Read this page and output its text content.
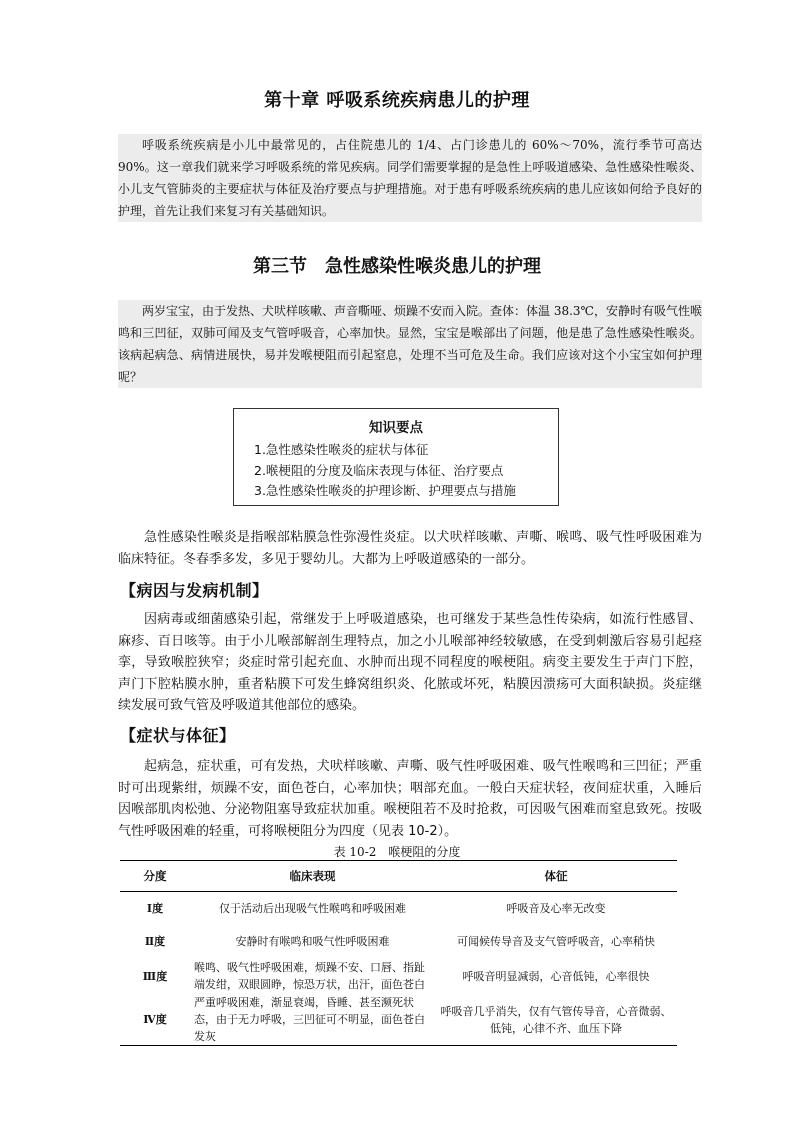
第十章 呼吸系统疾病患儿的护理

呼吸系统疾病是小儿中最常见的，占住院患儿的 1/4、占门诊患儿的 60%～70%，流行季节可高达 90%。这一章我们就来学习呼吸系统的常见疾病。同学们需要掌握的是急性上呼吸道感染、急性感染性喉炎、小儿支气管肺炎的主要症状与体征及治疗要点与护理措施。对于患有呼吸系统疾病的患儿应该如何给予良好的护理，首先让我们来复习有关基础知识。

第三节　急性感染性喉炎患儿的护理

两岁宝宝，由于发热、犬吠样咳嗽、声音嘶哑、烦躁不安而入院。查体：体温 38.3℃，安静时有吸气性喉鸣和三凹征，双肺可闻及支气管呼吸音，心率加快。显然，宝宝是喉部出了问题，他是患了急性感染性喉炎。该病起病急、病情进展快，易并发喉梗阻而引起窒息，处理不当可危及生命。我们应该对这个小宝宝如何护理呢？

知识要点
1.急性感染性喉炎的症状与体征
2.喉梗阻的分度及临床表现与体征、治疗要点
3.急性感染性喉炎的护理诊断、护理要点与措施

急性感染性喉炎是指喉部粘膜急性弥漫性炎症。以犬吠样咳嗽、声嘶、喉鸣、吸气性呼吸困难为临床特征。冬春季多发，多见于婴幼儿。大都为上呼吸道感染的一部分。

【病因与发病机制】

因病毒或细菌感染引起，常继发于上呼吸道感染，也可继发于某些急性传染病，如流行性感冒、麻疹、百日咳等。由于小儿喉部解剖生理特点，加之小儿喉部神经较敏感，在受到刺激后容易引起痉挛，导致喉腔狭窄；炎症时常引起充血、水肿而出现不同程度的喉梗阻。病变主要发生于声门下腔，声门下腔粘膜水肿，重者粘膜下可发生蜂窝组织炎、化脓或坏死，粘膜因溃疡可大面积缺损。炎症继续发展可致气管及呼吸道其他部位的感染。

【症状与体征】

起病急，症状重，可有发热，犬吠样咳嗽、声嘶、吸气性呼吸困难、吸气性喉鸣和三凹征；严重时可出现紫绀，烦躁不安，面色苍白，心率加快；咽部充血。一般白天症状轻，夜间症状重，入睡后因喉部肌肉松弛、分泌物阻塞导致症状加重。喉梗阻若不及时抢救，可因吸气困难而窒息致死。按吸气性呼吸困难的轻重，可将喉梗阻分为四度（见表 10-2）。

表 10-2　喉梗阻的分度
分度	临床表现	体征
Ⅰ度	仅于活动后出现吸气性喉鸣和呼吸困难	呼吸音及心率无改变
Ⅱ度	安静时有喉鸣和吸气性呼吸困难	可闻候传导音及支气管呼吸音，心率稍快
Ⅲ度	喉鸣、吸气性呼吸困难，烦躁不安、口唇、指趾端发绀，双眼圆睁，惊恐万状，出汗，面色苍白	呼吸音明显减弱，心音低钝，心率很快
Ⅳ度	严重呼吸困难，渐显衰竭，昏睡、甚至濒死状态，由于无力呼吸，三凹征可不明显，面色苍白发灰	呼吸音几乎消失，仅有气管传导音，心音微弱、低钝，心律不齐、血压下降
